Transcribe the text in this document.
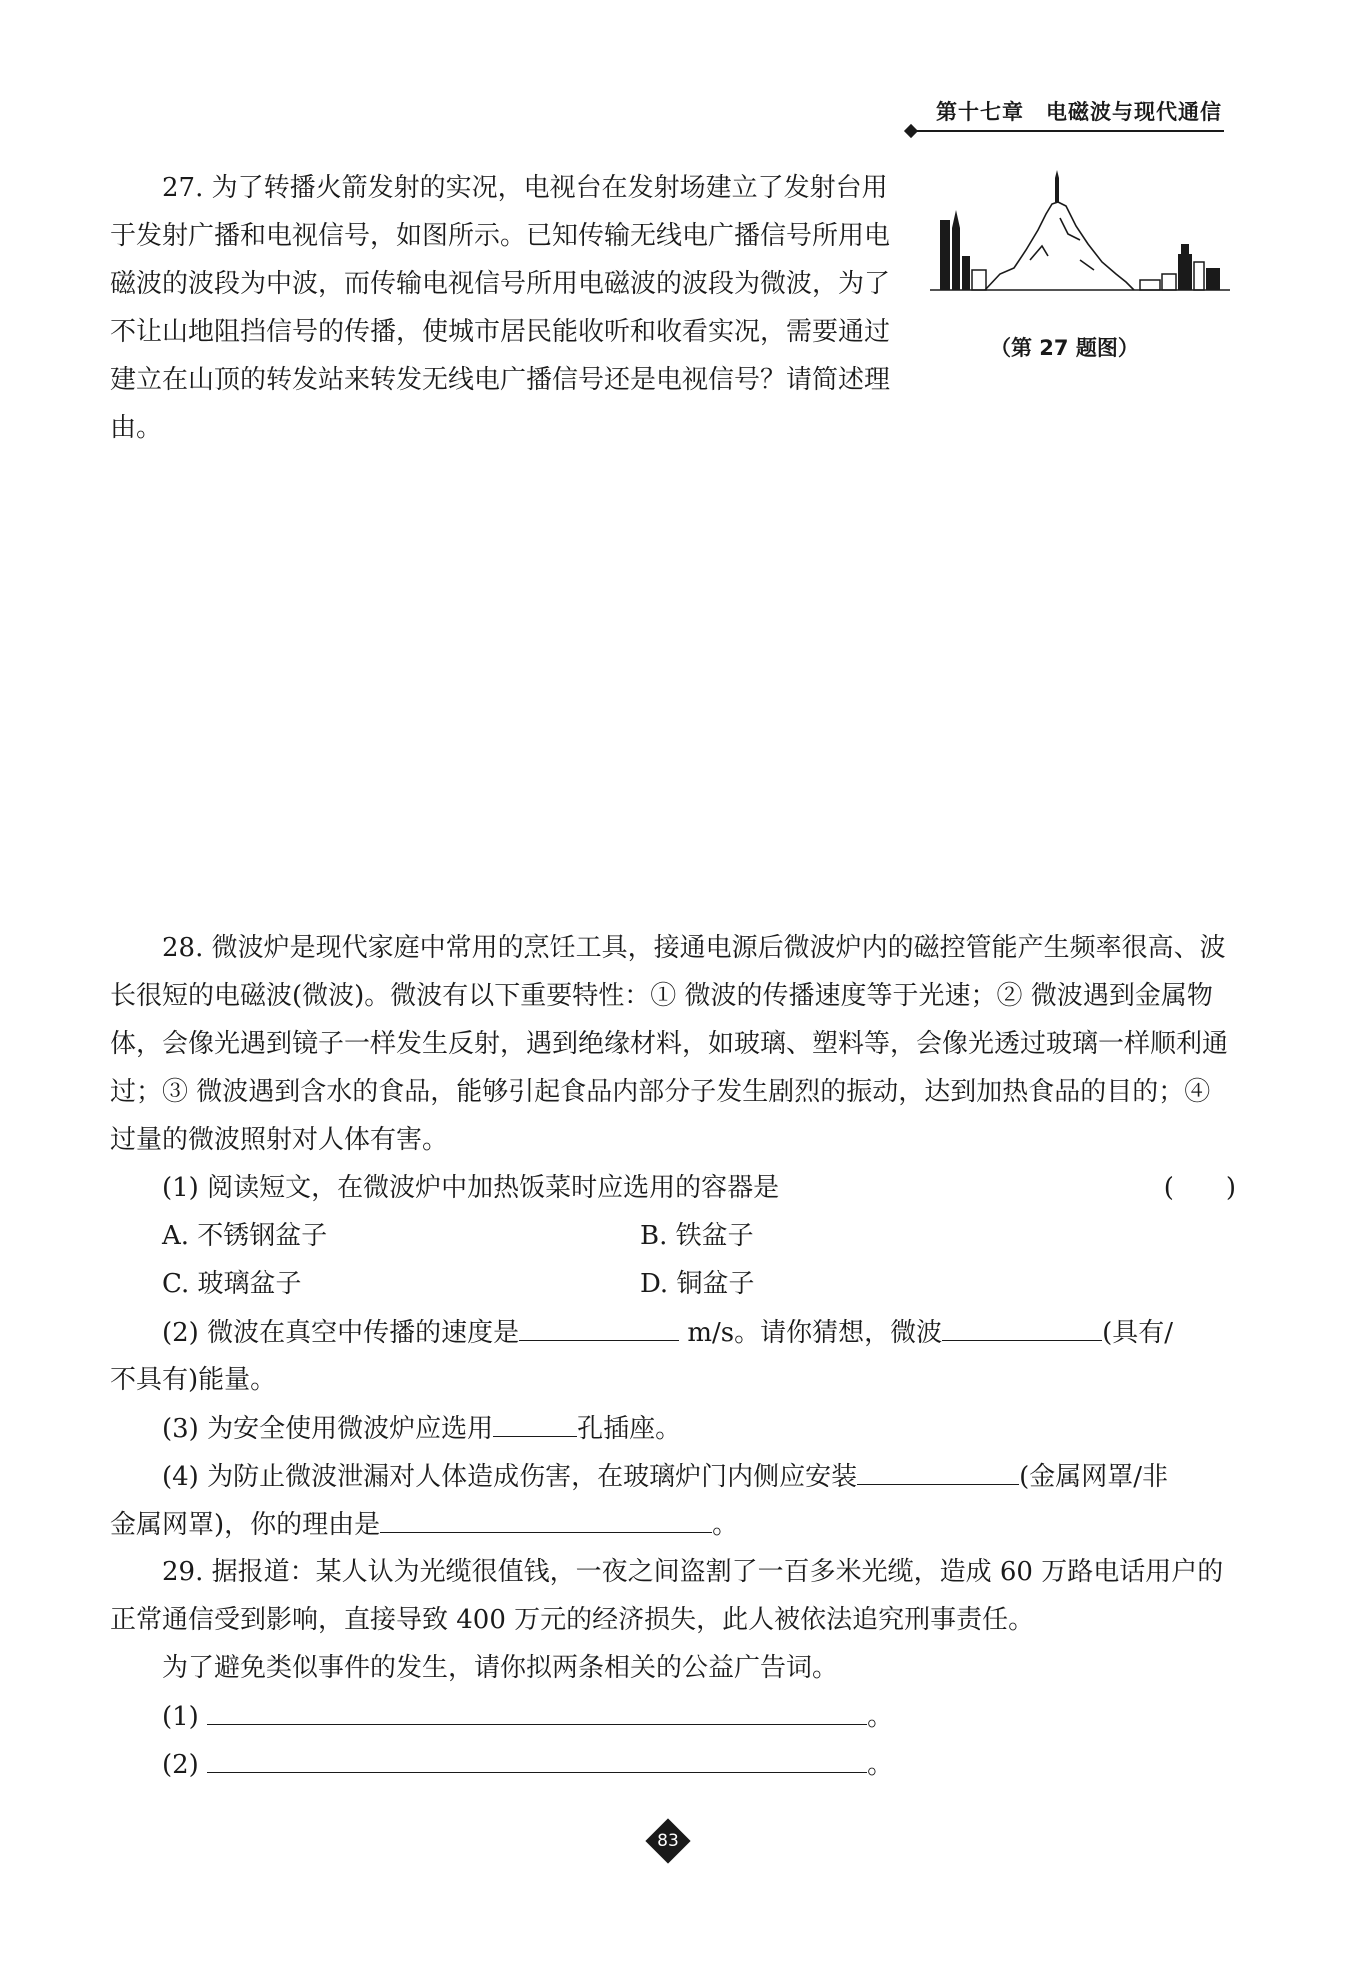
第十七章　电磁波与现代通信
27. 为了转播火箭发射的实况，电视台在发射场建立了发射台用于发射广播和电视信号，如图所示。已知传输无线电广播信号所用电磁波的波段为中波，而传输电视信号所用电磁波的波段为微波，为了不让山地阻挡信号的传播，使城市居民能收听和收看实况，需要通过建立在山顶的转发站来转发无线电广播信号还是电视信号？请简述理由。
（第 27 题图）
28. 微波炉是现代家庭中常用的烹饪工具，接通电源后微波炉内的磁控管能产生频率很高、波长很短的电磁波(微波)。微波有以下重要特性：① 微波的传播速度等于光速；② 微波遇到金属物体，会像光遇到镜子一样发生反射，遇到绝缘材料，如玻璃、塑料等，会像光透过玻璃一样顺利通过；③ 微波遇到含水的食品，能够引起食品内部分子发生剧烈的振动，达到加热食品的目的；④ 过量的微波照射对人体有害。
(1) 阅读短文，在微波炉中加热饭菜时应选用的容器是	(　　)
A. 不锈钢盆子	B. 铁盆子
C. 玻璃盆子	D. 铜盆子
(2) 微波在真空中传播的速度是	m/s。请你猜想，微波	(具有/
不具有)能量。
(3) 为安全使用微波炉应选用	孔插座。
(4) 为防止微波泄漏对人体造成伤害，在玻璃炉门内侧应安装	(金属网罩/非
金属网罩)，你的理由是	。
29. 据报道：某人认为光缆很值钱，一夜之间盗割了一百多米光缆，造成 60 万路电话用户的正常通信受到影响，直接导致 400 万元的经济损失，此人被依法追究刑事责任。
为了避免类似事件的发生，请你拟两条相关的公益广告词。
(1)	。
(2)	。
83
